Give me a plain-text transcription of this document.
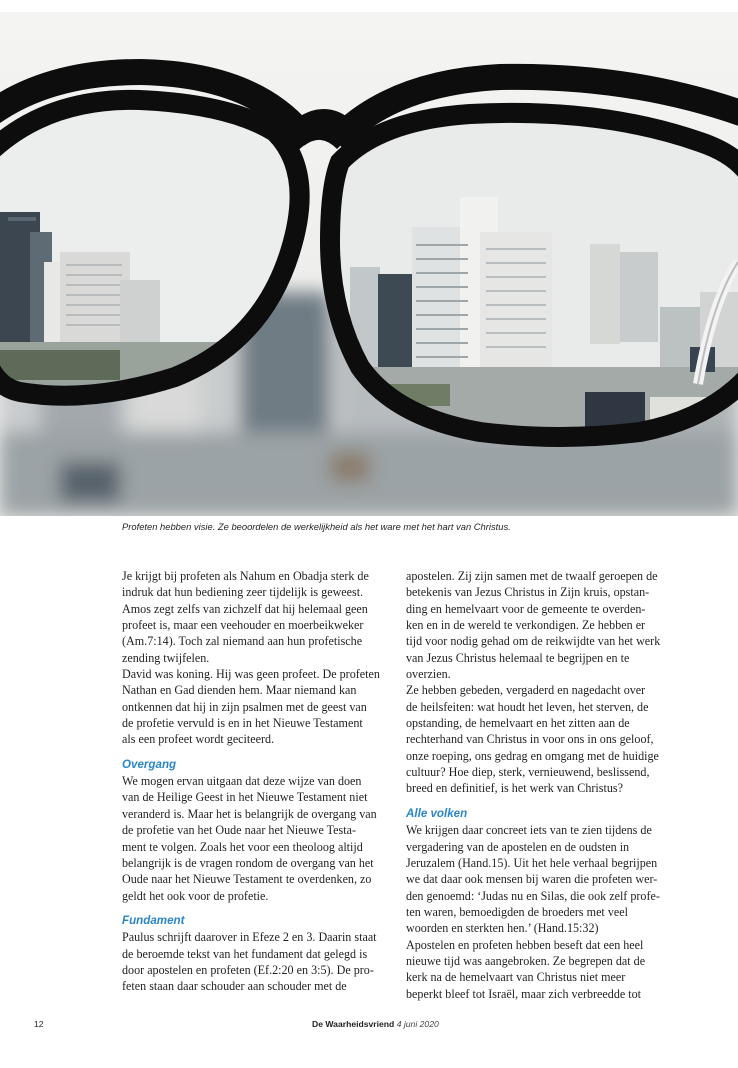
Profeten hebben visie. Ze beoordelen de werkelijkheid als het ware met het hart van Christus.
Je krijgt bij profeten als Nahum en Obadja sterk de
indruk dat hun bediening zeer tijdelijk is geweest.
Amos zegt zelfs van zichzelf dat hij helemaal geen
profeet is, maar een veehouder en moerbeikweker
(Am.7:14). Toch zal niemand aan hun profetische
zending twijfelen.
David was koning. Hij was geen profeet. De profeten
Nathan en Gad dienden hem. Maar niemand kan
ontkennen dat hij in zijn psalmen met de geest van
de profetie vervuld is en in het Nieuwe Testament
als een profeet wordt geciteerd.
Overgang
We mogen ervan uitgaan dat deze wijze van doen
van de Heilige Geest in het Nieuwe Testament niet
veranderd is. Maar het is belangrijk de overgang van
de profetie van het Oude naar het Nieuwe Testa-
ment te volgen. Zoals het voor een theoloog altijd
belangrijk is de vragen rondom de overgang van het
Oude naar het Nieuwe Testament te overdenken, zo
geldt het ook voor de profetie.
Fundament
Paulus schrijft daarover in Efeze 2 en 3. Daarin staat
de beroemde tekst van het fundament dat gelegd is
door apostelen en profeten (Ef.2:20 en 3:5). De pro-
feten staan daar schouder aan schouder met de
apostelen. Zij zijn samen met de twaalf geroepen de
betekenis van Jezus Christus in Zijn kruis, opstan-
ding en hemelvaart voor de gemeente te overden-
ken en in de wereld te verkondigen. Ze hebben er
tijd voor nodig gehad om de reikwijdte van het werk
van Jezus Christus helemaal te begrijpen en te
overzien.
Ze hebben gebeden, vergaderd en nagedacht over
de heilsfeiten: wat houdt het leven, het sterven, de
opstanding, de hemelvaart en het zitten aan de
rechterhand van Christus in voor ons in ons geloof,
onze roeping, ons gedrag en omgang met de huidige
cultuur? Hoe diep, sterk, vernieuwend, beslissend,
breed en definitief, is het werk van Christus?
Alle volken
We krijgen daar concreet iets van te zien tijdens de
vergadering van de apostelen en de oudsten in
Jeruzalem (Hand.15). Uit het hele verhaal begrijpen
we dat daar ook mensen bij waren die profeten wer-
den genoemd: ‘Judas nu en Silas, die ook zelf profe-
ten waren, bemoedigden de broeders met veel
woorden en sterkten hen.’ (Hand.15:32)
Apostelen en profeten hebben beseft dat een heel
nieuwe tijd was aangebroken. Ze begrepen dat de
kerk na de hemelvaart van Christus niet meer
beperkt bleef tot Israël, maar zich verbreedde tot
12	De Waarheidsvriend 4 juni 2020
